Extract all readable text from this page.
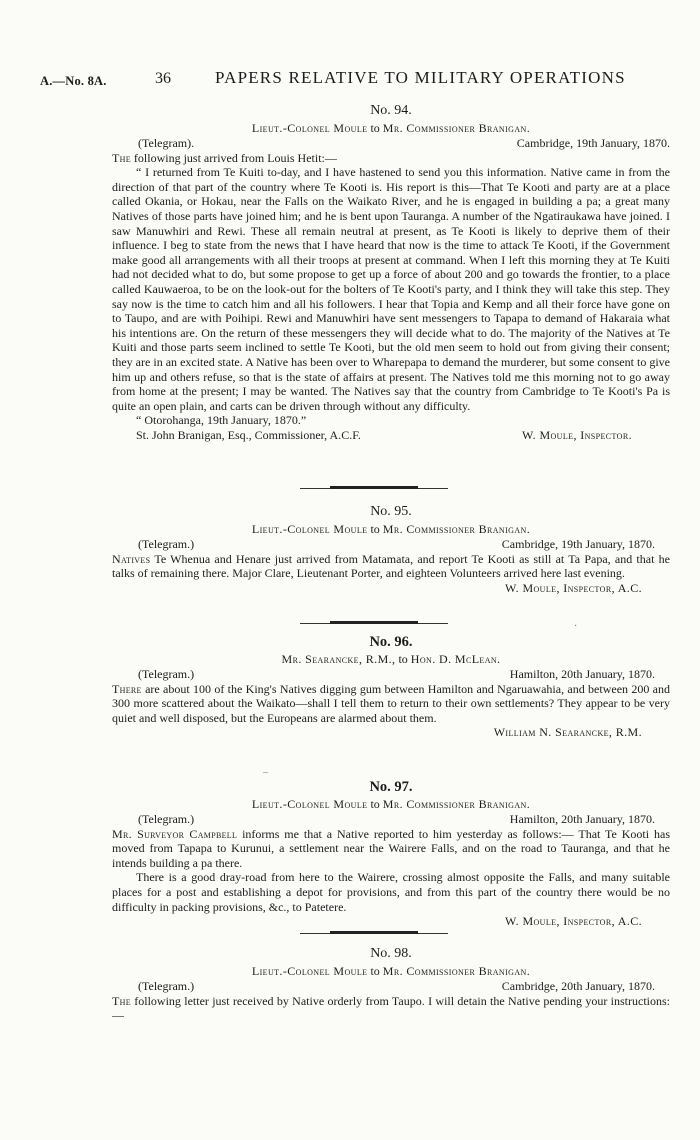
A.—No. 8A.	36	PAPERS RELATIVE TO MILITARY OPERATIONS
No. 94.
Lieut.-Colonel Moule to Mr. Commissioner Branigan.
(Telegram).	Cambridge, 19th January, 1870.

The following just arrived from Louis Hetit:—

“ I returned from Te Kuiti to-day, and I have hastened to send you this information. Native came in from the direction of that part of the country where Te Kooti is. His report is this—That Te Kooti and party are at a place called Okania, or Hokau, near the Falls on the Waikato River, and he is engaged in building a pa; a great many Natives of those parts have joined him; and he is bent upon Tauranga. A number of the Ngatiraukawa have joined. I saw Manuwhiri and Rewi. These all remain neutral at present, as Te Kooti is likely to deprive them of their influence. I beg to state from the news that I have heard that now is the time to attack Te Kooti, if the Government make good all arrangements with all their troops at present at command. When I left this morning they at Te Kuiti had not decided what to do, but some propose to get up a force of about 200 and go towards the frontier, to a place called Kauwaeroa, to be on the look-out for the bolters of Te Kooti's party, and I think they will take this step. They say now is the time to catch him and all his followers. I hear that Topia and Kemp and all their force have gone on to Taupo, and are with Poihipi. Rewi and Manuwhiri have sent messengers to Tapapa to demand of Hakaraia what his intentions are. On the return of these messengers they will decide what to do. The majority of the Natives at Te Kuiti and those parts seem inclined to settle Te Kooti, but the old men seem to hold out from giving their consent; they are in an excited state. A Native has been over to Wharepapa to demand the murderer, but some consent to give him up and others refuse, so that is the state of affairs at present. The Natives told me this morning not to go away from home at the present; I may be wanted. The Natives say that the country from Cambridge to Te Kooti's Pa is quite an open plain, and carts can be driven through without any difficulty.

“ Otorohanga, 19th January, 1870.”

St. John Branigan, Esq., Commissioner, A.C.F.	W. Moule, Inspector.
No. 95.
Lieut.-Colonel Moule to Mr. Commissioner Branigan.
(Telegram.)	Cambridge, 19th January, 1870.

Natives Te Whenua and Henare just arrived from Matamata, and report Te Kooti as still at Ta Papa, and that he talks of remaining there. Major Clare, Lieutenant Porter, and eighteen Volunteers arrived here last evening.

W. Moule, Inspector, A.C.
·
No. 96.
Mr. Searancke, R.M., to Hon. D. McLean.
(Telegram.)	Hamilton, 20th January, 1870.

There are about 100 of the King's Natives digging gum between Hamilton and Ngaruawahia, and between 200 and 300 more scattered about the Waikato—shall I tell them to return to their own settlements? They appear to be very quiet and well disposed, but the Europeans are alarmed about them.

William N. Searancke, R.M.
–
No. 97.
Lieut.-Colonel Moule to Mr. Commissioner Branigan.
(Telegram.)	Hamilton, 20th January, 1870.

Mr. Surveyor Campbell informs me that a Native reported to him yesterday as follows:— That Te Kooti has moved from Tapapa to Kurunui, a settlement near the Wairere Falls, and on the road to Tauranga, and that he intends building a pa there.

There is a good dray-road from here to the Wairere, crossing almost opposite the Falls, and many suitable places for a post and establishing a depot for provisions, and from this part of the country there would be no difficulty in packing provisions, &c., to Patetere.

W. Moule, Inspector, A.C.
No. 98.
Lieut.-Colonel Moule to Mr. Commissioner Branigan.
(Telegram.)	Cambridge, 20th January, 1870.

The following letter just received by Native orderly from Taupo. I will detain the Native pending your instructions:—
